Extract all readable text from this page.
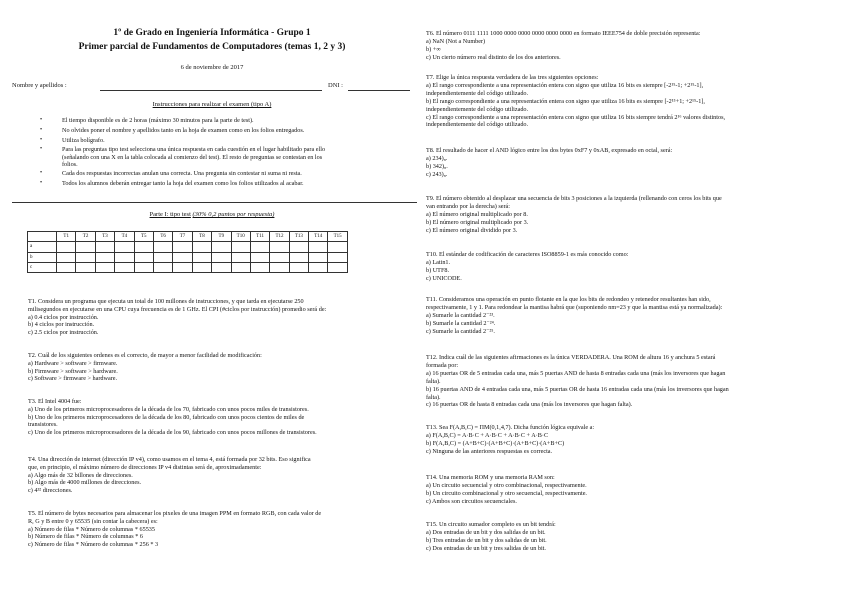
1º de Grado en Ingeniería Informática - Grupo 1
Primer parcial de Fundamentos de Computadores (temas 1, 2 y 3)
6 de noviembre de 2017
Nombre y apellidos :	DNI :
Instrucciones para realizar el examen (tipo A)
•	El tiempo disponible es de 2 horas (máximo 30 minutos para la parte de test).
•	No olvides poner el nombre y apellidos tanto en la hoja de examen como en los folios entregados.
•	Utiliza bolígrafo.
•	Para las preguntas tipo test selecciona una única respuesta en cada cuestión en el lugar habilitado para ello
(señalando con una X en la tabla colocada al comienzo del test). El resto de preguntas se contestan en los
folios.
•	Cada dos respuestas incorrectas anulan una correcta. Una pregunta sin contestar ni suma ni resta.
•	Todos los alumnos deberán entregar tanto la hoja del examen como los folios utilizados al acabar.
Parte I: tipo test (30% 0,2 puntos por respuesta)
	T1	T2	T3	T4	T5	T6	T7	T8	T9	T10	T11	T12	T13	T14	T15
a															
b															
c															
T1. Considera un programa que ejecuta un total de 100 millones de instrucciones, y que tarda en ejecutarse 250
milisegundos en ejecutarse en una CPU cuya frecuencia es de 1 GHz. El CPI (#ciclos por instrucción) promedio será de:
a) 0.4 ciclos por instrucción.
b) 4 ciclos por instrucción.
c) 2.5 ciclos por instrucción.
T2. Cuál de los siguientes ordenes es el correcto, de mayor a menor facilidad de modificación:
a) Hardware > software > firmware.
b) Firmware > software > hardware.
c) Software > firmware > hardware.
T3. El Intel 4004 fue:
a) Uno de los primeros microprocesadores de la década de los 70, fabricado con unos pocos miles de transistores.
b) Uno de los primeros microprocesadores de la década de los 80, fabricado con unos pocos cientos de miles de
transistores.
c) Uno de los primeros microprocesadores de la década de los 90, fabricado con unos pocos millones de transistores.
T4. Una dirección de internet (dirección IP v4), como usamos en el tema 4, está formada por 32 bits. Eso significa
que, en principio, el máximo número de direcciones IP v4 distintas será de, aproximadamente:
a) Algo más de 32 billones de direcciones.
b) Algo más de 4000 millones de direcciones.
c) 4³² direcciones.
T5. El número de bytes necesarios para almacenar los pixeles de una imagen PPM en formato RGB, con cada valor de
R, G y B entre 0 y 65535 (sin contar la cabecera) es:
a) Número de filas * Número de columnas * 65535
b) Número de filas * Número de columnas * 6
c) Número de filas * Número de columnas * 256 * 3
T6. El número 0111 1111 1000 0000 0000 0000 0000 0000 en formato IEEE754 de doble precisión representa:
a) NaN (Not a Number)
b) +∞
c) Un cierto número real distinto de los dos anteriores.
T7. Elige la única respuesta verdadera de las tres siguientes opciones:
a) El rango correspondiente a una representación entera con signo que utiliza 16 bits es siempre [-2¹⁵-1; +2¹⁵-1],
independientemente del código utilizado.
b) El rango correspondiente a una representación entera con signo que utiliza 16 bits es siempre [-2¹⁵+1; +2¹⁵-1],
independientemente del código utilizado.
c) El rango correspondiente a una representación entera con signo que utiliza 16 bits siempre tendrá 2¹⁶ valores distintos,
independientemente del código utilizado.
T8. El resultado de hacer el AND lógico entre los dos bytes 0xF7 y 0xAB, expresado en octal, será:
a) 234)₈.
b) 342)₈.
c) 243)₈.
T9. El número obtenido al desplazar una secuencia de bits 3 posiciones a la izquierda (rellenando con ceros los bits que
van entrando por la derecha) será:
a) El número original multiplicado por 8.
b) El número original multiplicado por 3.
c) El número original dividido por 3.
T10. El estándar de codificación de caracteres ISO8859-1 es más conocido como:
a) Latin1.
b) UTF8.
c) UNICODE.
T11. Consideramos una operación en punto flotante en la que los bits de redondeo y retenedor resultantes han sido,
respectivamente, 1 y 1. Para redondear la mantisa habrá que (suponiendo nm=23 y que la mantisa está ya normalizada):
a) Sumarle la cantidad 2⁻²³.
b) Sumarle la cantidad 2⁻²⁴.
c) Sumarle la cantidad 2⁻²⁵.
T12. Indica cuál de las siguientes afirmaciones es la única VERDADERA. Una ROM de altura 16 y anchura 5 estará
formada por:
a) 16 puertas OR de 5 entradas cada una, más 5 puertas AND de hasta 8 entradas cada una (más los inversores que hagan
falta).
b) 16 puertas AND de 4 entradas cada una, más 5 puertas OR de hasta 16 entradas cada una (más los inversores que hagan
falta).
c) 16 puertas OR de hasta 8 entradas cada una (más los inversores que hagan falta).
T13. Sea F(A,B,C) = ΠM(0,1,4,7). Dicha función lógica equivale a:
a) F(A,B,C) = A·B·C + A·B·C + A·B·C + A·B·C
b) F(A,B,C) = (A+B+C)·(A+B+C)·(A+B+C)·(A+B+C)
c) Ninguna de las anteriores respuestas es correcta.
T14. Una memoria ROM y una memoria RAM son:
a) Un circuito secuencial y otro combinacional, respectivamente.
b) Un circuito combinacional y otro secuencial, respectivamente.
c) Ambos son circuitos secuenciales.
T15. Un circuito sumador completo es un bit tendrá:
a) Dos entradas de un bit y dos salidas de un bit.
b) Tres entradas de un bit y dos salidas de un bit.
c) Dos entradas de un bit y tres salidas de un bit.
